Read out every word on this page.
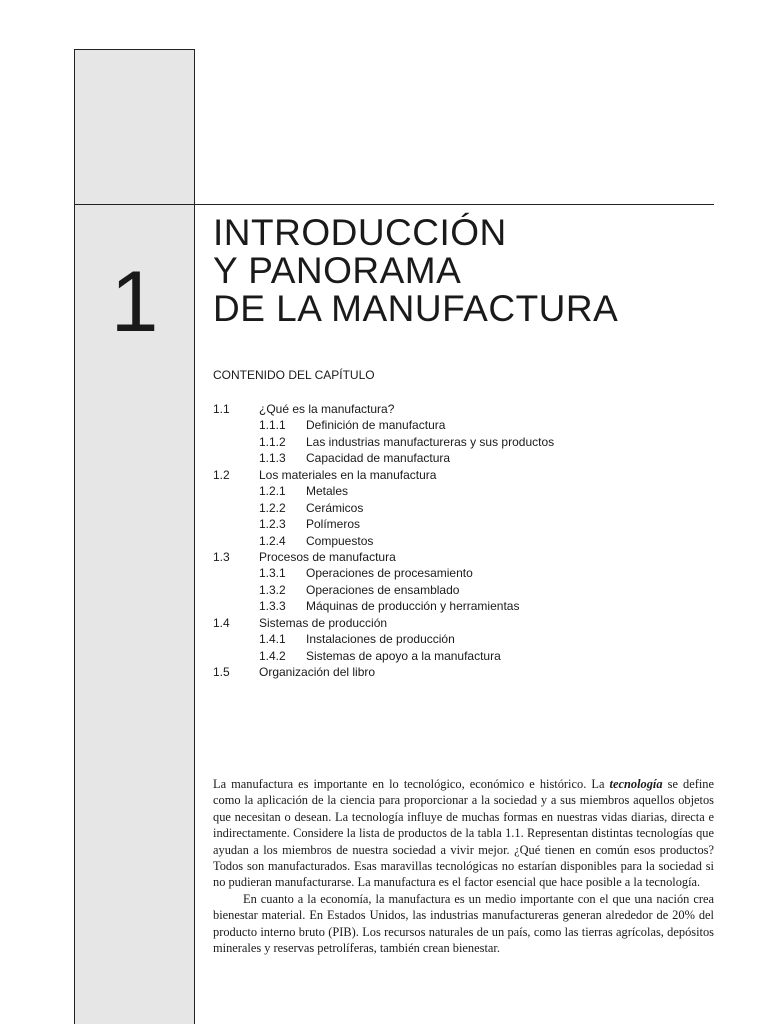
1
INTRODUCCIÓN
Y PANORAMA
DE LA MANUFACTURA
CONTENIDO DEL CAPÍTULO
1.1 ¿Qué es la manufactura?
1.1.1 Definición de manufactura
1.1.2 Las industrias manufactureras y sus productos
1.1.3 Capacidad de manufactura
1.2 Los materiales en la manufactura
1.2.1 Metales
1.2.2 Cerámicos
1.2.3 Polímeros
1.2.4 Compuestos
1.3 Procesos de manufactura
1.3.1 Operaciones de procesamiento
1.3.2 Operaciones de ensamblado
1.3.3 Máquinas de producción y herramientas
1.4 Sistemas de producción
1.4.1 Instalaciones de producción
1.4.2 Sistemas de apoyo a la manufactura
1.5 Organización del libro

La manufactura es importante en lo tecnológico, económico e histórico. La tecnología se define como la aplicación de la ciencia para proporcionar a la sociedad y a sus miembros aquellos objetos que necesitan o desean. La tecnología influye de muchas formas en nuestras vidas diarias, directa e indirectamente. Considere la lista de productos de la tabla 1.1. Representan distintas tecnologías que ayudan a los miembros de nuestra sociedad a vivir mejor. ¿Qué tienen en común esos productos? Todos son manufacturados. Esas maravillas tecnológicas no estarían disponibles para la sociedad si no pudieran manufacturarse. La manufactura es el factor esencial que hace posible a la tecnología.

En cuanto a la economía, la manufactura es un medio importante con el que una nación crea bienestar material. En Estados Unidos, las industrias manufactureras generan alrededor de 20% del producto interno bruto (PIB). Los recursos naturales de un país, como las tierras agrícolas, depósitos minerales y reservas petrolíferas, también crean bienestar.
